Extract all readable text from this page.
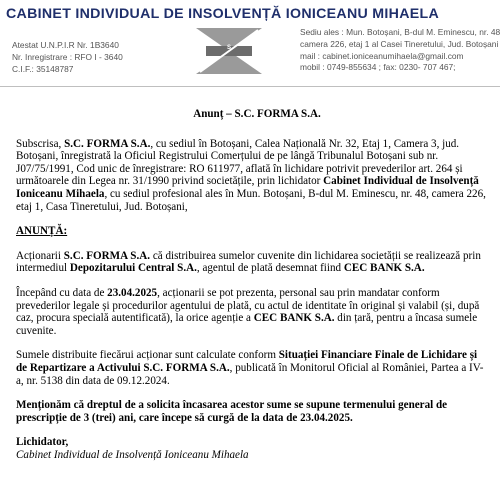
CABINET INDIVIDUAL DE INSOLVENȚĂ IONICEANU MIHAELA
Atestat U.N.P.I.R Nr. 1B3640
Nr. Inregistrare : RFO I - 3640
C.I.F.: 35148787
S
Sediu ales : Mun. Botoșani, B-dul M. Eminescu, nr. 48
camera 226, etaj 1 al Casei Tineretului, Jud. Botoșani
mail : cabinet.ioniceanumihaela@gmail.com
mobil : 0749-855634 ; fax: 0230- 707 467;
Anunț – S.C. FORMA S.A.

Subscrisa, S.C. FORMA S.A., cu sediul în Botoșani, Calea Națională Nr. 32, Etaj 1, Camera 3, jud.
Botoșani, înregistrată la Oficiul Registrului Comerțului de pe lângă Tribunalul Botoșani sub nr.
J07/75/1991, Cod unic de înregistrare: RO 611977, aflată în lichidare potrivit prevederilor art. 264 și
următoarele din Legea nr. 31/1990 privind societățile, prin lichidator Cabinet Individual de Insolvență
Ioniceanu Mihaela, cu sediul profesional ales în Mun. Botoșani, B-dul M. Eminescu, nr. 48, camera 226,
etaj 1, Casa Tineretului, Jud. Botoșani,

ANUNȚĂ:

Acționarii S.C. FORMA S.A. că distribuirea sumelor cuvenite din lichidarea societății se realizează prin
intermediul Depozitarului Central S.A., agentul de plată desemnat fiind CEC BANK S.A.

Începând cu data de 23.04.2025, acționarii se pot prezenta, personal sau prin mandatar conform
prevederilor legale și procedurilor agentului de plată, cu actul de identitate în original și valabil (și, după
caz, procura specială autentificată), la orice agenție a CEC BANK S.A. din țară, pentru a încasa sumele
cuvenite.

Sumele distribuite fiecărui acționar sunt calculate conform Situației Financiare Finale de Lichidare și
de Repartizare a Activului S.C. FORMA S.A., publicată în Monitorul Oficial al României, Partea a IV-
a, nr. 5138 din data de 09.12.2024.

Menționăm că dreptul de a solicita încasarea acestor sume se supune termenului general de
prescripție de 3 (trei) ani, care începe să curgă de la data de 23.04.2025.

Lichidator,
Cabinet Individual de Insolvență Ioniceanu Mihaela
